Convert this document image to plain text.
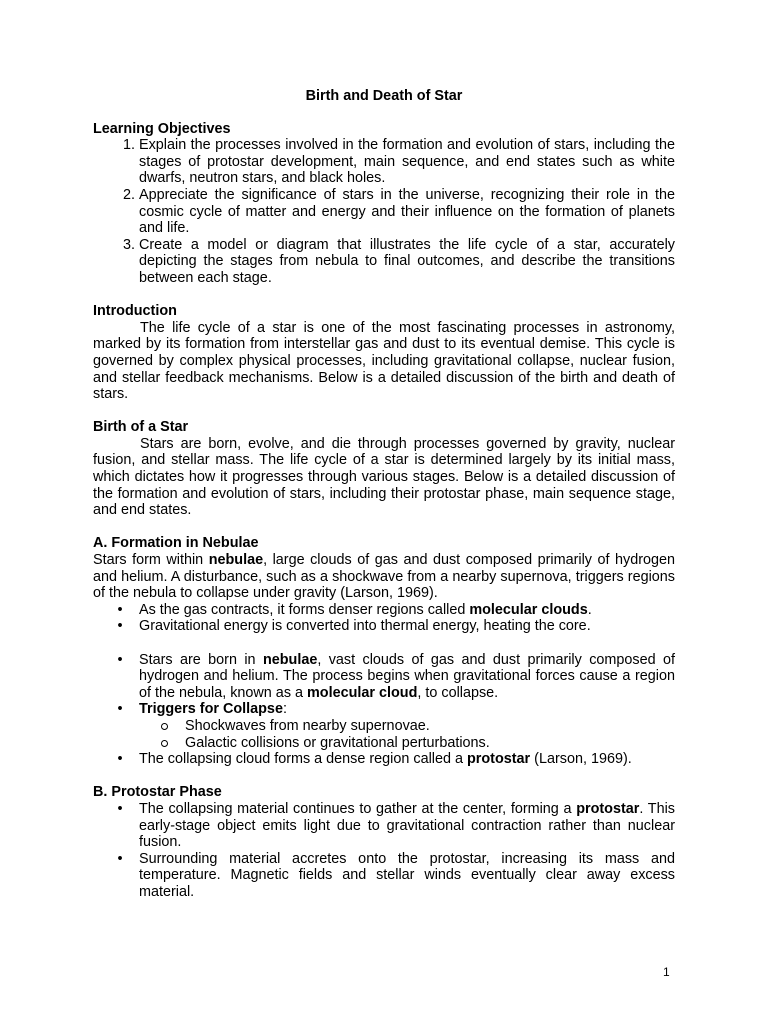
Birth and Death of Star
Learning Objectives
1. Explain the processes involved in the formation and evolution of stars, including the stages of protostar development, main sequence, and end states such as white dwarfs, neutron stars, and black holes.
2. Appreciate the significance of stars in the universe, recognizing their role in the cosmic cycle of matter and energy and their influence on the formation of planets and life.
3. Create a model or diagram that illustrates the life cycle of a star, accurately depicting the stages from nebula to final outcomes, and describe the transitions between each stage.
Introduction

The life cycle of a star is one of the most fascinating processes in astronomy, marked by its formation from interstellar gas and dust to its eventual demise. This cycle is governed by complex physical processes, including gravitational collapse, nuclear fusion, and stellar feedback mechanisms. Below is a detailed discussion of the birth and death of stars.

Birth of a Star

Stars are born, evolve, and die through processes governed by gravity, nuclear fusion, and stellar mass. The life cycle of a star is determined largely by its initial mass, which dictates how it progresses through various stages. Below is a detailed discussion of the formation and evolution of stars, including their protostar phase, main sequence stage, and end states.

A. Formation in Nebulae

Stars form within nebulae, large clouds of gas and dust composed primarily of hydrogen and helium. A disturbance, such as a shockwave from a nearby supernova, triggers regions of the nebula to collapse under gravity (Larson, 1969).

• As the gas contracts, it forms denser regions called molecular clouds.
• Gravitational energy is converted into thermal energy, heating the core.
• Stars are born in nebulae, vast clouds of gas and dust primarily composed of hydrogen and helium. The process begins when gravitational forces cause a region of the nebula, known as a molecular cloud, to collapse.
• Triggers for Collapse:
Shockwaves from nearby supernovae.
Galactic collisions or gravitational perturbations.
• The collapsing cloud forms a dense region called a protostar (Larson, 1969).
B. Protostar Phase
• The collapsing material continues to gather at the center, forming a protostar. This early-stage object emits light due to gravitational contraction rather than nuclear fusion.
• Surrounding material accretes onto the protostar, increasing its mass and temperature. Magnetic fields and stellar winds eventually clear away excess material.
1
